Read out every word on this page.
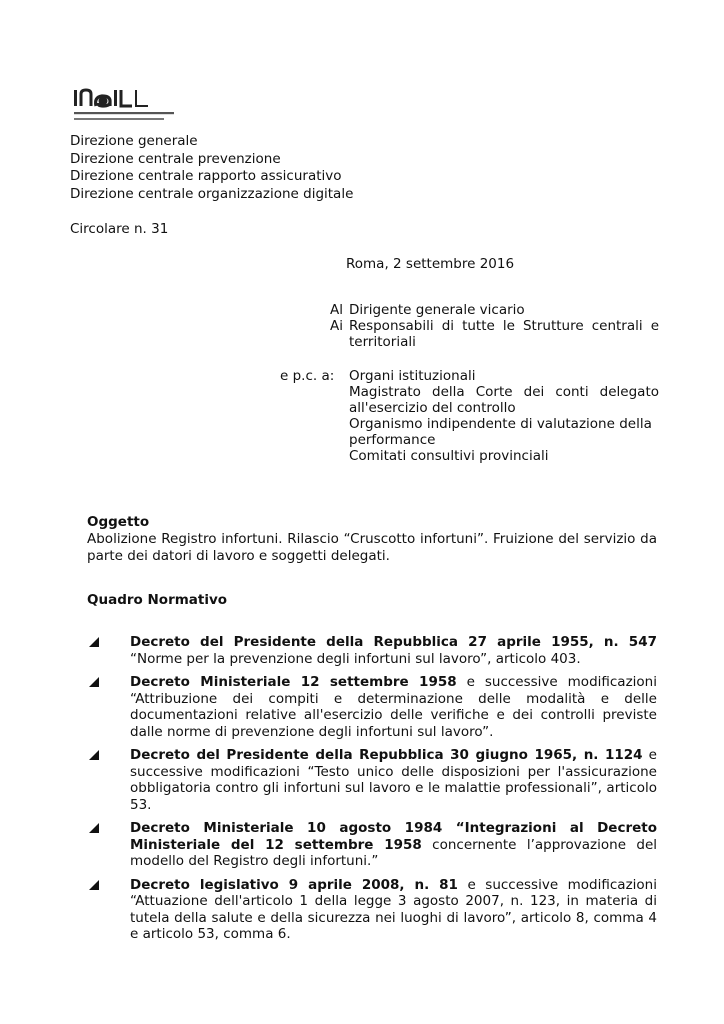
Direzione generale
Direzione centrale prevenzione
Direzione centrale rapporto assicurativo
Direzione centrale organizzazione digitale
Circolare n. 31
Roma, 2 settembre 2016
Al Dirigente generale vicario
Ai Responsabili di tutte le Strutture centrali e territoriali
e p.c. a: Organi istituzionali
Magistrato della Corte dei conti delegato all'esercizio del controllo
Organismo indipendente di valutazione della performance
Comitati consultivi provinciali
Oggetto
Abolizione Registro infortuni. Rilascio “Cruscotto infortuni”. Fruizione del servizio da parte dei datori di lavoro e soggetti delegati.
Quadro Normativo
Decreto del Presidente della Repubblica 27 aprile 1955, n. 547 “Norme per la prevenzione degli infortuni sul lavoro”, articolo 403.
Decreto Ministeriale 12 settembre 1958 e successive modificazioni “Attribuzione dei compiti e determinazione delle modalità e delle documentazioni relative all'esercizio delle verifiche e dei controlli previste dalle norme di prevenzione degli infortuni sul lavoro”.
Decreto del Presidente della Repubblica 30 giugno 1965, n. 1124 e successive modificazioni “Testo unico delle disposizioni per l'assicurazione obbligatoria contro gli infortuni sul lavoro e le malattie professionali”, articolo 53.
Decreto Ministeriale 10 agosto 1984 “Integrazioni al Decreto Ministeriale del 12 settembre 1958 concernente l’approvazione del modello del Registro degli infortuni.”
Decreto legislativo 9 aprile 2008, n. 81 e successive modificazioni “Attuazione dell'articolo 1 della legge 3 agosto 2007, n. 123, in materia di tutela della salute e della sicurezza nei luoghi di lavoro”, articolo 8, comma 4 e articolo 53, comma 6.
